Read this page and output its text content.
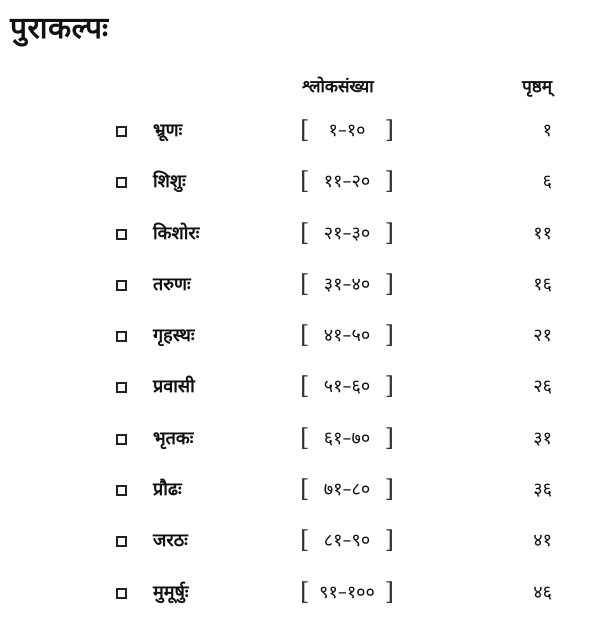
पुराकल्पः
श्लोकसंख्या	पृष्ठम्
भ्रूणः	[ १–१० ]	१
शिशुः	[ ११–२० ]	६
किशोरः	[ २१–३० ]	११
तरुणः	[ ३१–४० ]	१६
गृहस्थः	[ ४१–५० ]	२१
प्रवासी	[ ५१–६० ]	२६
भृतकः	[ ६१–७० ]	३१
प्रौढः	[ ७१–८० ]	३६
जरठः	[ ८१–९० ]	४१
मुमूर्षुः	[ ९१–१०० ]	४६
